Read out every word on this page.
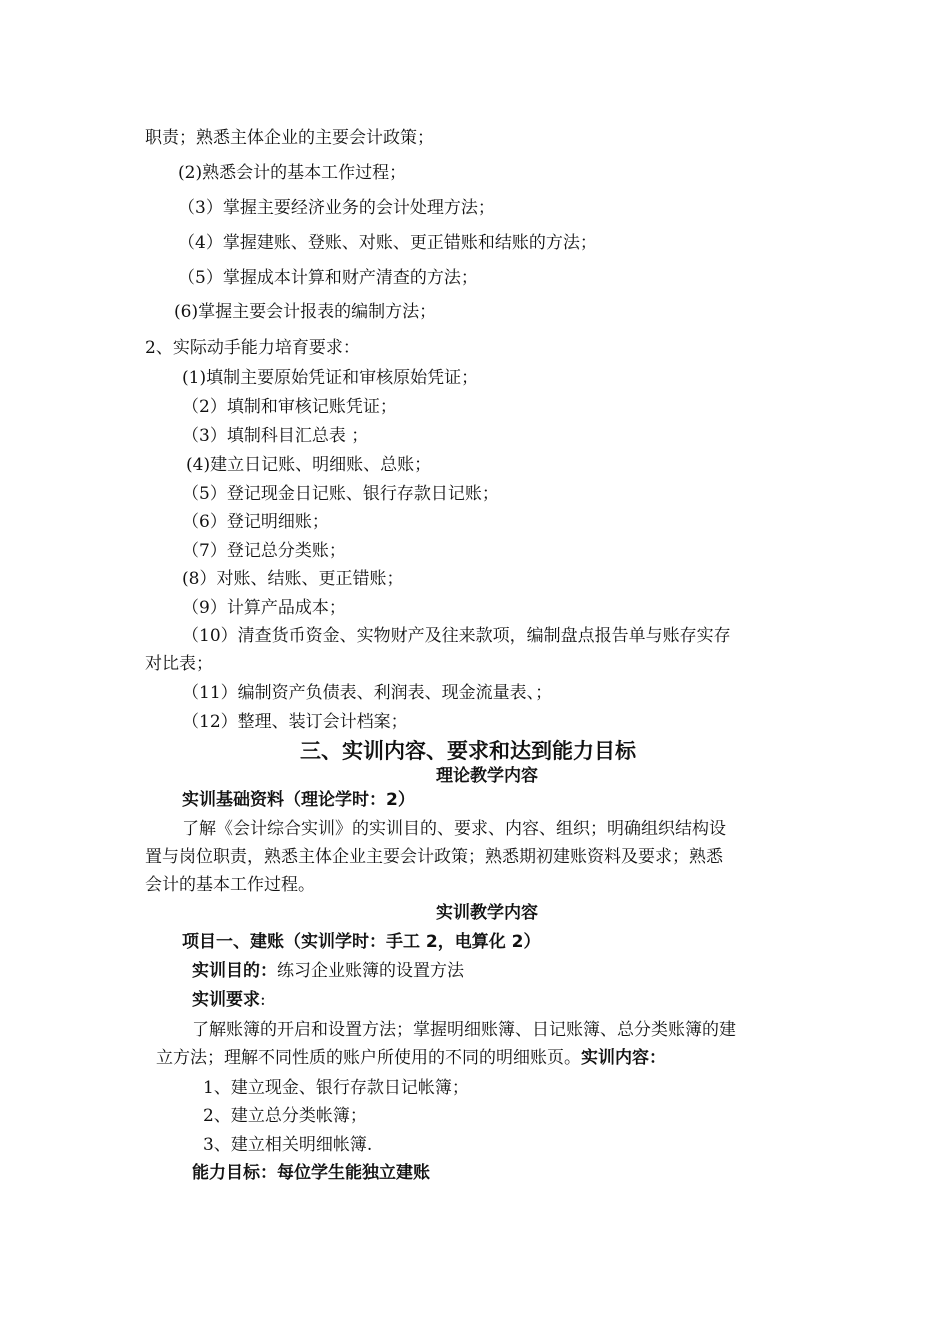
职责；熟悉主体企业的主要会计政策；
(2)熟悉会计的基本工作过程；
（3）掌握主要经济业务的会计处理方法；
（4）掌握建账、登账、对账、更正错账和结账的方法；
（5）掌握成本计算和财产清查的方法；
(6)掌握主要会计报表的编制方法；
2、实际动手能力培育要求：
(1)填制主要原始凭证和审核原始凭证；
（2）填制和审核记账凭证；
（3）填制科目汇总表 ；
(4)建立日记账、明细账、总账；
（5）登记现金日记账、银行存款日记账；
（6）登记明细账；
（7）登记总分类账；
(8）对账、结账、更正错账；
（9）计算产品成本；
（10）清查货币资金、实物财产及往来款项，编制盘点报告单与账存实存
对比表；
（11）编制资产负债表、利润表、现金流量表、；
（12）整理、装订会计档案；
三、实训内容、要求和达到能力目标
理论教学内容
实训基础资料（理论学时：2）
了解《会计综合实训》的实训目的、要求、内容、组织；明确组织结构设
置与岗位职责，熟悉主体企业主要会计政策；熟悉期初建账资料及要求；熟悉
会计的基本工作过程。
实训教学内容
项目一、建账（实训学时：手工 2，电算化 2）
实训目的：练习企业账簿的设置方法
实训要求:
了解账簿的开启和设置方法；掌握明细账簿、日记账簿、总分类账簿的建
立方法；理解不同性质的账户所使用的不同的明细账页。实训内容：
1、建立现金、银行存款日记帐簿；
2、建立总分类帐簿；
3、建立相关明细帐簿.
能力目标：每位学生能独立建账
